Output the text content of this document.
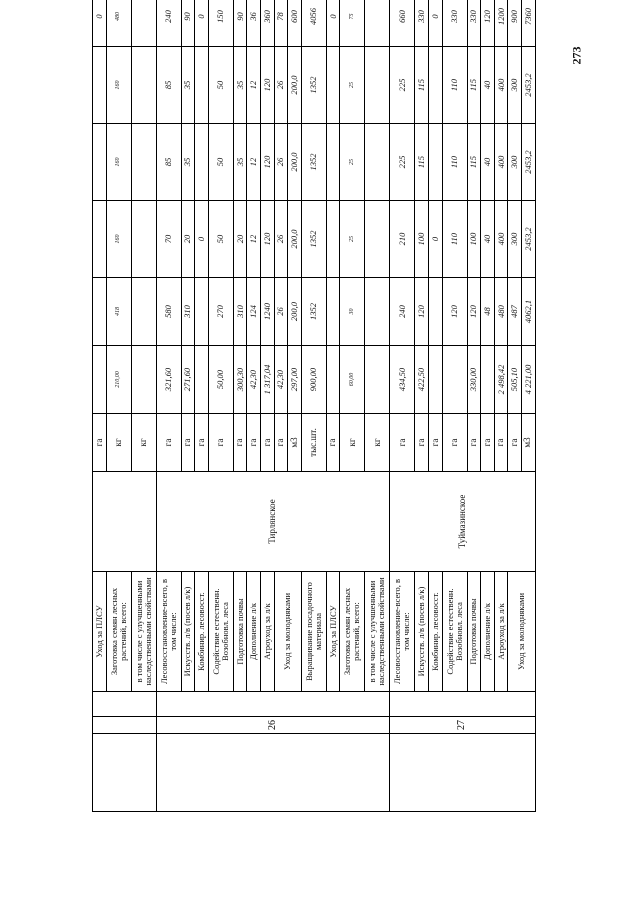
273
			Уход за ПЛСУ		га						0
			Заготовка семян лесных растений, всего:		кг	210,00	418	160	160	160	480
			в том числе с улучшенными наследственными свойствами		кг						
	26		Лесовосстановление-всего, в том числе:	Тирлянское	га	321,60	580	70	85	85	240
			Искусств. л/в (посев л/к)		га	271,60	310	20	35	35	90
			Комбинир. лесовосст.		га			0			0
			Содействие естественн. Возобновл. леса		га	50,00	270	50	50	50	150
			Подготовка почвы		га	300,30	310	20	35	35	90
			Дополнение л/к		га	42,30	124	12	12	12	36
			Агроуход за л/к		га	1 317,04	1240	120	120	120	360
			Уход за молодняками		га	42,30	26	26	26	26	78
					м3	297,00	200,0	200,0	200,0	200,0	600
			Выращивание посадочного материала		тыс.шт.	900,00	1352	1352	1352	1352	4056
			Уход за ПЛСУ		га						0
			Заготовка семян лесных растений, всего:		кг	60,00	30	25	25	25	75
			в том числе с улучшенными наследственными свойствами		кг						
	27		Лесовосстановление-всего, в том числе:	Туймазинское	га	434,50	240	210	225	225	660
			Искусств. л/в (посев л/к)		га	422,50	120	100	115	115	330
			Комбинир. лесовосст.		га			0			0
			Содействие естественн. Возобновл. леса		га		120	110	110	110	330
			Подготовка почвы		га	330,00	120	100	115	115	330
			Дополнение л/к		га		48	40	40	40	120
			Агроуход за л/к		га	2 498,42	480	400	400	400	1200
			Уход за молодняками		га	505,10	487	300	300	300	900
					м3	4 221,00	4062,1	2453,2	2453,2	2453,2	7360
